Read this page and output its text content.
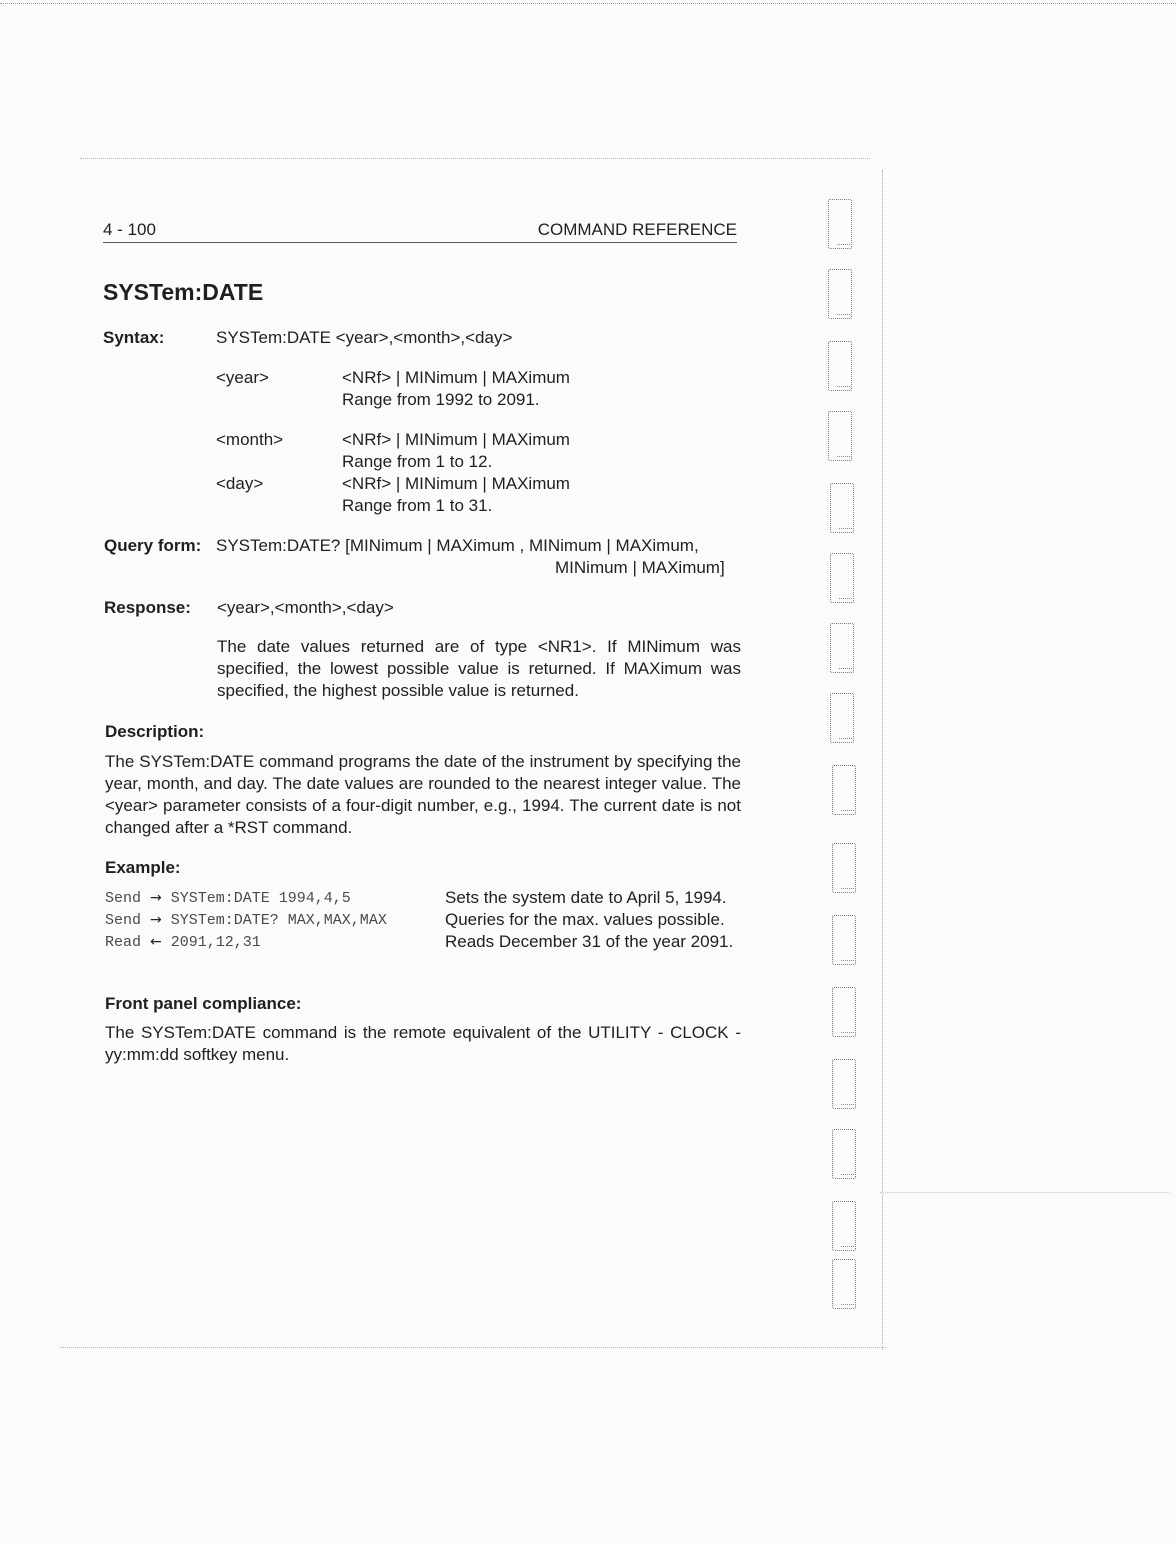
4 - 100	COMMAND REFERENCE
SYSTem:DATE
Syntax:	SYSTem:DATE <year>,<month>,<day>
<year>	<NRf> | MINimum | MAXimum
Range from 1992 to 2091.
<month>	<NRf> | MINimum | MAXimum
Range from 1 to 12.
<day>	<NRf> | MINimum | MAXimum
Range from 1 to 31.
Query form: SYSTem:DATE? [MINimum | MAXimum , MINimum | MAXimum,
MINimum | MAXimum]
Response: <year>,<month>,<day>

The date values returned are of type <NR1>. If MINimum was specified, the lowest possible value is returned. If MAXimum was specified, the highest possible value is returned.

Description:

The SYSTem:DATE command programs the date of the instrument by specifying the year, month, and day. The date values are rounded to the nearest integer value. The <year> parameter consists of a four-digit number, e.g., 1994. The current date is not changed after a *RST command.

Example:
Send → SYSTem:DATE 1994,4,5	Sets the system date to April 5, 1994.
Send → SYSTem:DATE? MAX,MAX,MAX	Queries for the max. values possible.
Read ← 2091,12,31	Reads December 31 of the year 2091.
Front panel compliance:

The SYSTem:DATE command is the remote equivalent of the UTILITY - CLOCK - yy:mm:dd softkey menu.
